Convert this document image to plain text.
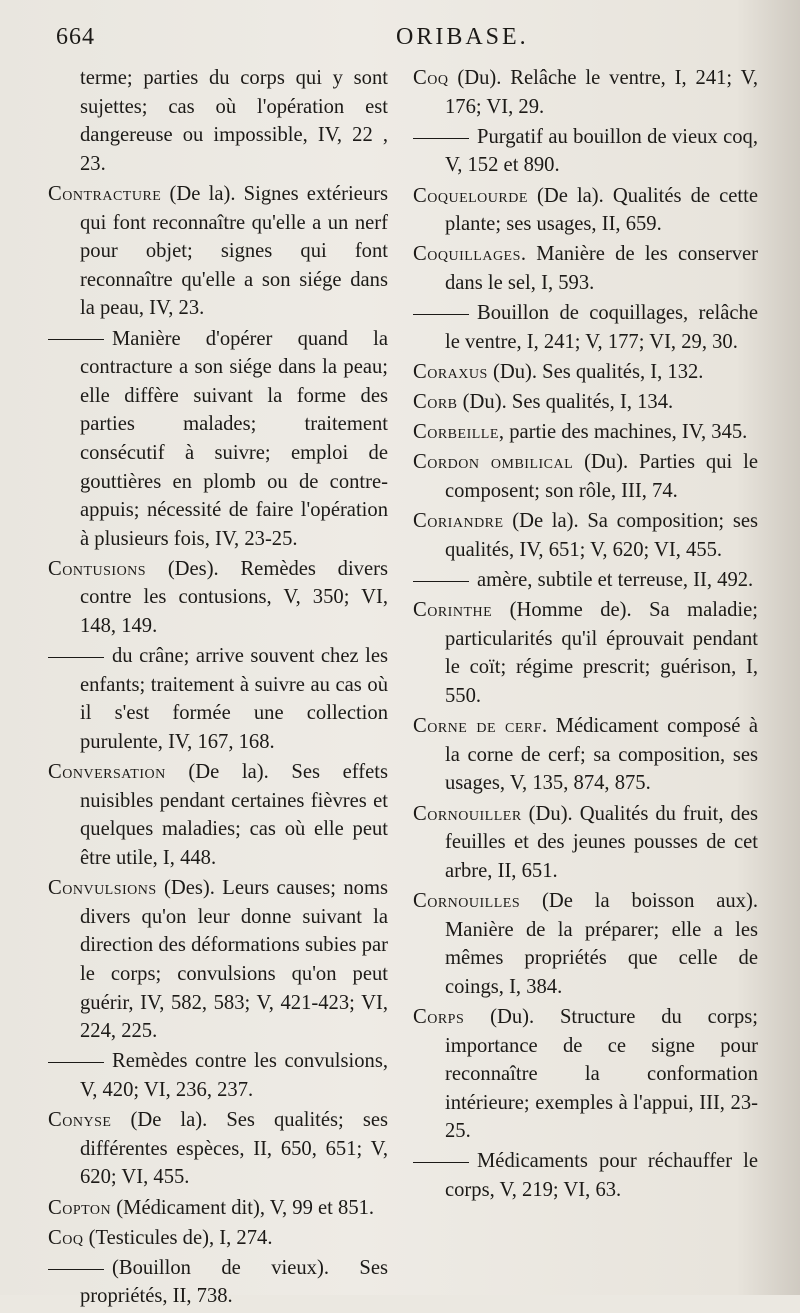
664	ORIBASE.

terme; parties du corps qui y sont sujettes; cas où l'opération est dangereuse ou impossible, IV, 22 , 23.

Contracture (De la). Signes extérieurs qui font reconnaître qu'elle a un nerf pour objet; signes qui font reconnaître qu'elle a son siége dans la peau, IV, 23.

Manière d'opérer quand la contracture a son siége dans la peau; elle diffère suivant la forme des parties malades; traitement consécutif à suivre; emploi de gouttières en plomb ou de contre-appuis; nécessité de faire l'opération à plusieurs fois, IV, 23-25.

Contusions (Des). Remèdes divers contre les contusions, V, 350; VI, 148, 149.

du crâne; arrive souvent chez les enfants; traitement à suivre au cas où il s'est formée une collection purulente, IV, 167, 168.

Conversation (De la). Ses effets nuisibles pendant certaines fièvres et quelques maladies; cas où elle peut être utile, I, 448.

Convulsions (Des). Leurs causes; noms divers qu'on leur donne suivant la direction des déformations subies par le corps; convulsions qu'on peut guérir, IV, 582, 583; V, 421-423; VI, 224, 225.

Remèdes contre les convulsions, V, 420; VI, 236, 237.

Conyse (De la). Ses qualités; ses différentes espèces, II, 650, 651; V, 620; VI, 455.

Copton (Médicament dit), V, 99 et 851.

Coq (Testicules de), I, 274.

(Bouillon de vieux). Ses propriétés, II, 738.

Coq (Du). Relâche le ventre, I, 241; V, 176; VI, 29.

Purgatif au bouillon de vieux coq, V, 152 et 890.

Coquelourde (De la). Qualités de cette plante; ses usages, II, 659.

Coquillages. Manière de les conserver dans le sel, I, 593.

Bouillon de coquillages, relâche le ventre, I, 241; V, 177; VI, 29, 30.

Coraxus (Du). Ses qualités, I, 132.

Corb (Du). Ses qualités, I, 134.

Corbeille, partie des machines, IV, 345.

Cordon ombilical (Du). Parties qui le composent; son rôle, III, 74.

Coriandre (De la). Sa composition; ses qualités, IV, 651; V, 620; VI, 455.

amère, subtile et terreuse, II, 492.

Corinthe (Homme de). Sa maladie; particularités qu'il éprouvait pendant le coït; régime prescrit; guérison, I, 550.

Corne de cerf. Médicament composé à la corne de cerf; sa composition, ses usages, V, 135, 874, 875.

Cornouiller (Du). Qualités du fruit, des feuilles et des jeunes pousses de cet arbre, II, 651.

Cornouilles (De la boisson aux). Manière de la préparer; elle a les mêmes propriétés que celle de coings, I, 384.

Corps (Du). Structure du corps; importance de ce signe pour reconnaître la conformation intérieure; exemples à l'appui, III, 23-25.

Médicaments pour réchauffer le corps, V, 219; VI, 63.
